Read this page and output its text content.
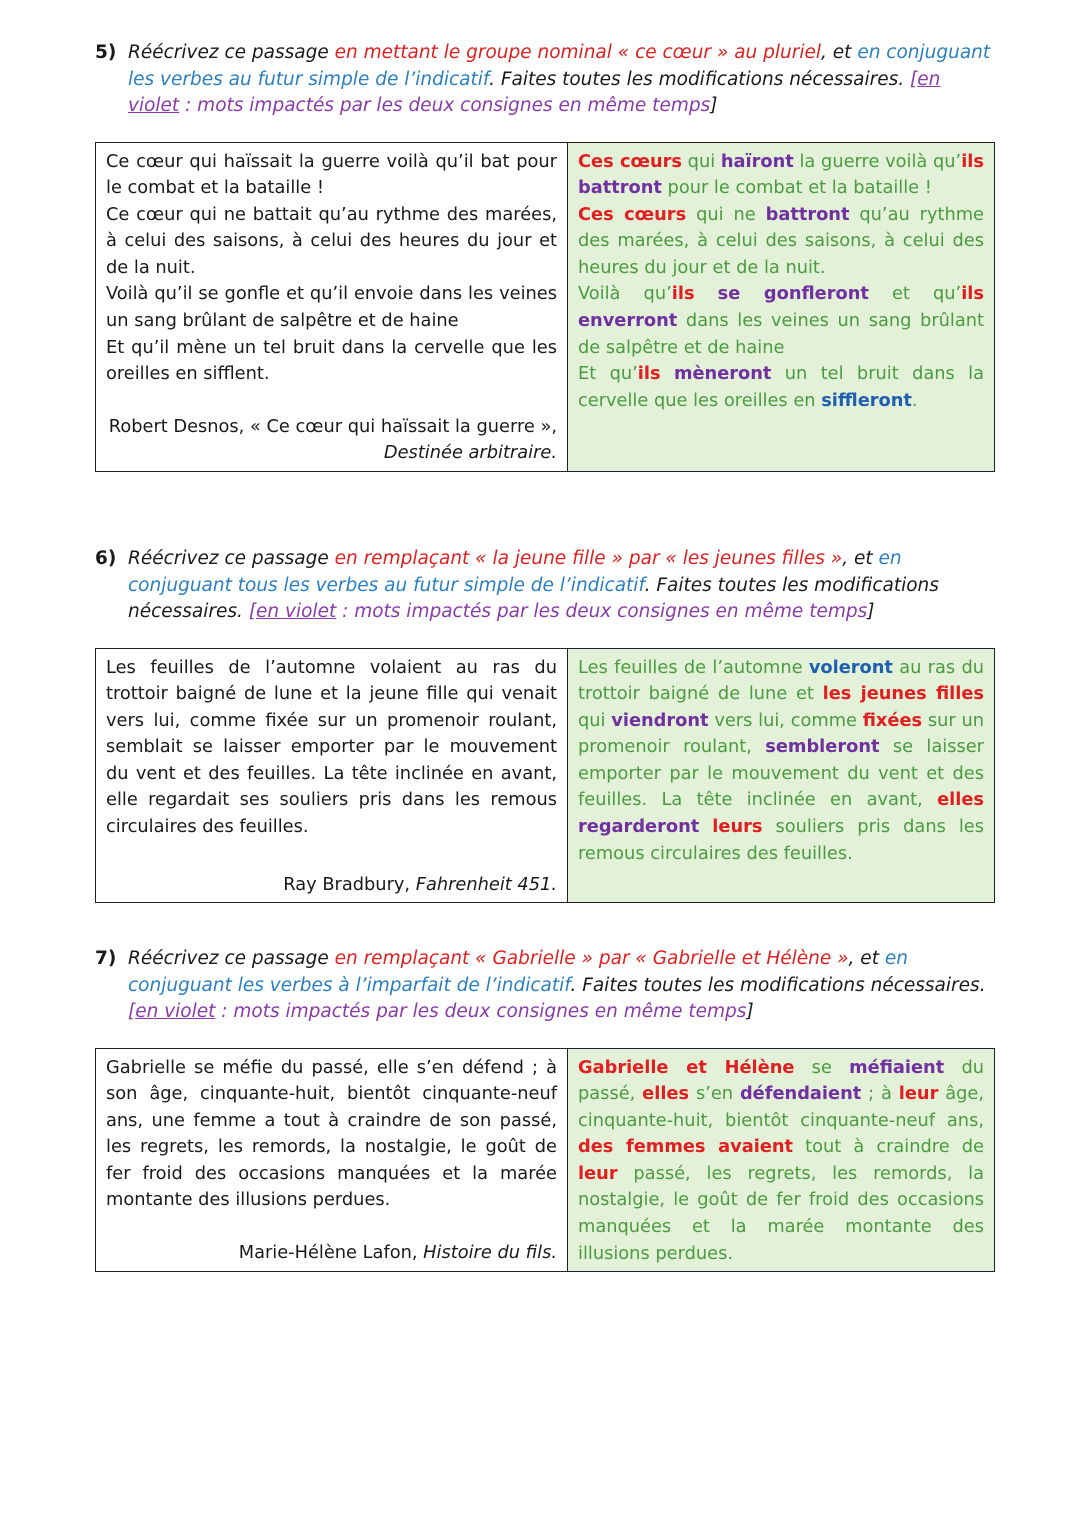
5) Réécrivez ce passage en mettant le groupe nominal « ce cœur » au pluriel, et en conjuguant les verbes au futur simple de l’indicatif. Faites toutes les modifications nécessaires. [en violet : mots impactés par les deux consignes en même temps]

Ce cœur qui haïssait la guerre voilà qu’il bat pour le combat et la bataille !

Ce cœur qui ne battait qu’au rythme des marées, à celui des saisons, à celui des heures du jour et de la nuit.

Voilà qu’il se gonfle et qu’il envoie dans les veines un sang brûlant de salpêtre et de haine

Et qu’il mène un tel bruit dans la cervelle que les oreilles en sifflent.

Robert Desnos, « Ce cœur qui haïssait la guerre »,
Destinée arbitraire.

Ces cœurs qui haïront la guerre voilà qu’ils battront pour le combat et la bataille !

Ces cœurs qui ne battront qu’au rythme des marées, à celui des saisons, à celui des heures du jour et de la nuit.

Voilà qu’ils se gonfleront et qu’ils enverront dans les veines un sang brûlant de salpêtre et de haine

Et qu’ils mèneront un tel bruit dans la cervelle que les oreilles en siffleront.

6) Réécrivez ce passage en remplaçant « la jeune fille » par « les jeunes filles », et en conjuguant tous les verbes au futur simple de l’indicatif. Faites toutes les modifications nécessaires. [en violet : mots impactés par les deux consignes en même temps]

Les feuilles de l’automne volaient au ras du trottoir baigné de lune et la jeune fille qui venait vers lui, comme fixée sur un promenoir roulant, semblait se laisser emporter par le mouvement du vent et des feuilles. La tête inclinée en avant, elle regardait ses souliers pris dans les remous circulaires des feuilles.

Ray Bradbury, Fahrenheit 451.

Les feuilles de l’automne voleront au ras du trottoir baigné de lune et les jeunes filles qui viendront vers lui, comme fixées sur un promenoir roulant, sembleront se laisser emporter par le mouvement du vent et des feuilles. La tête inclinée en avant, elles regarderont leurs souliers pris dans les remous circulaires des feuilles.

7) Réécrivez ce passage en remplaçant « Gabrielle » par « Gabrielle et Hélène », et en conjuguant les verbes à l’imparfait de l’indicatif. Faites toutes les modifications nécessaires. [en violet : mots impactés par les deux consignes en même temps]

Gabrielle se méfie du passé, elle s’en défend ; à son âge, cinquante-huit, bientôt cinquante-neuf ans, une femme a tout à craindre de son passé, les regrets, les remords, la nostalgie, le goût de fer froid des occasions manquées et la marée montante des illusions perdues.

Marie-Hélène Lafon, Histoire du fils.

Gabrielle et Hélène se méfiaient du passé, elles s’en défendaient ; à leur âge, cinquante-huit, bientôt cinquante-neuf ans, des femmes avaient tout à craindre de leur passé, les regrets, les remords, la nostalgie, le goût de fer froid des occasions manquées et la marée montante des illusions perdues.
